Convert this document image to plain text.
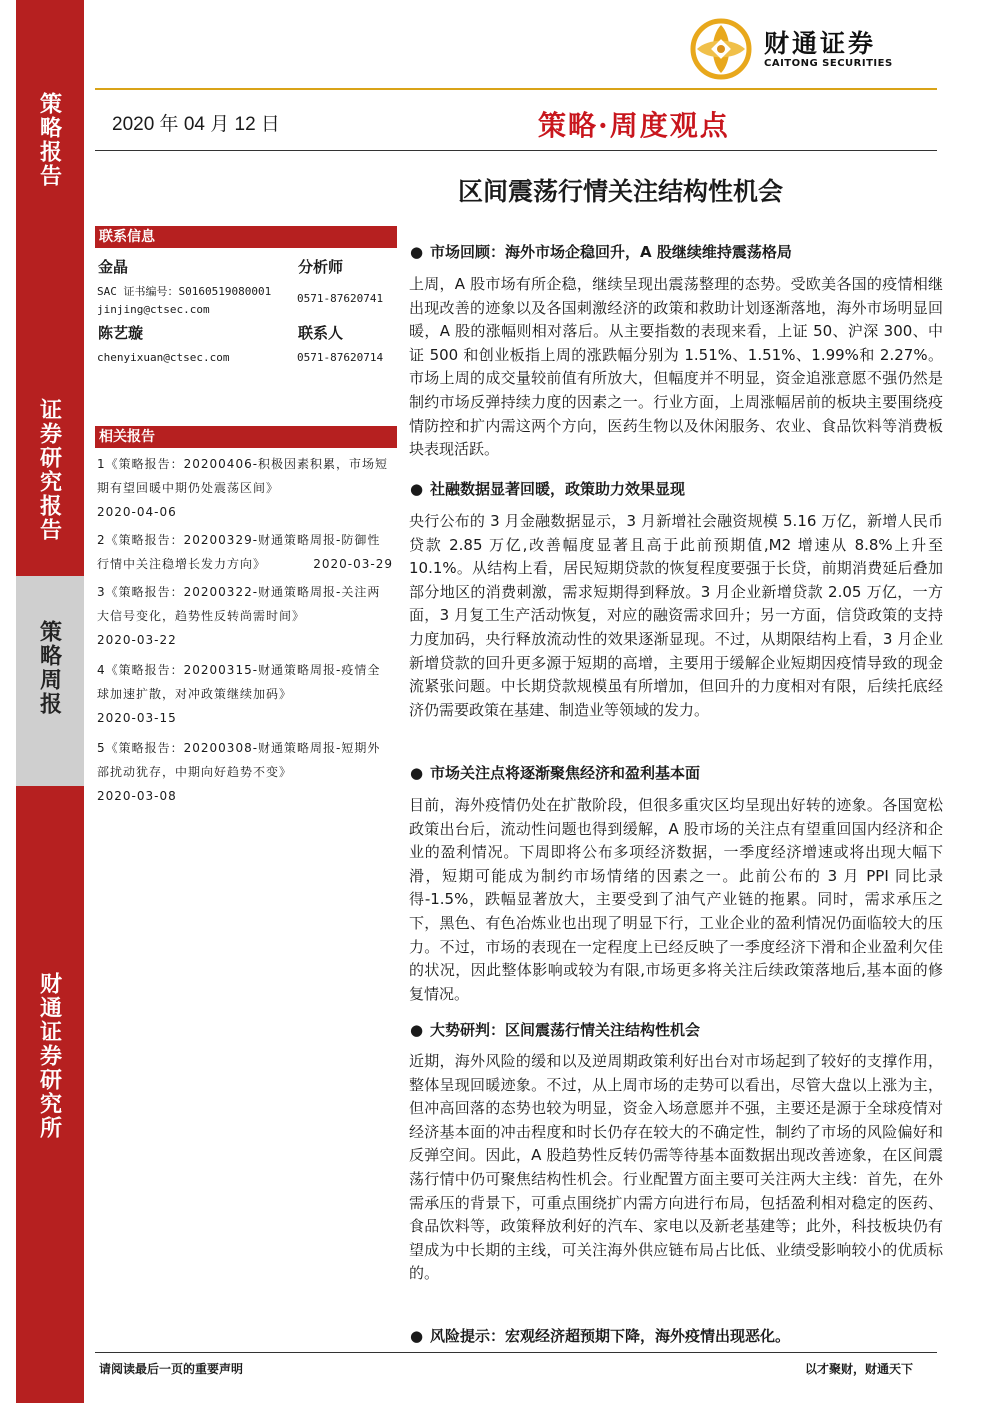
策略报告
证券研究报告
策略周报
财通证券研究所
财通证券
CAITONG SECURITIES
2020 年 04 月 12 日	策略·周度观点
区间震荡行情关注结构性机会
联系信息
金晶	分析师
SAC 证书编号：S0160519080001
0571-87620741
jinjing@ctsec.com
陈艺璇	联系人
chenyixuan@ctsec.com	0571-87620714
相关报告
1《策略报告：20200406-积极因素积累，市场短期有望回暖中期仍处震荡区间》
2020-04-06
2《策略报告：20200329-财通策略周报-防御性行情中关注稳增长发力方向》	2020-03-29
3《策略报告：20200322-财通策略周报-关注两大信号变化，趋势性反转尚需时间》
2020-03-22
4《策略报告：20200315-财通策略周报-疫情全球加速扩散，对冲政策继续加码》
2020-03-15
5《策略报告：20200308-财通策略周报-短期外部扰动犹存，中期向好趋势不变》
2020-03-08
● 市场回顾：海外市场企稳回升，A 股继续维持震荡格局

上周，A 股市场有所企稳，继续呈现出震荡整理的态势。受欧美各国的疫情相继出现改善的迹象以及各国刺激经济的政策和救助计划逐渐落地，海外市场明显回暖，A 股的涨幅则相对落后。从主要指数的表现来看，上证 50、沪深 300、中证 500 和创业板指上周的涨跌幅分别为 1.51%、1.51%、1.99%和 2.27%。市场上周的成交量较前值有所放大，但幅度并不明显，资金追涨意愿不强仍然是制约市场反弹持续力度的因素之一。行业方面，上周涨幅居前的板块主要围绕疫情防控和扩内需这两个方向，医药生物以及休闲服务、农业、食品饮料等消费板块表现活跃。

● 社融数据显著回暖，政策助力效果显现

央行公布的 3 月金融数据显示，3 月新增社会融资规模 5.16 万亿，新增人民币贷款 2.85 万亿,改善幅度显著且高于此前预期值,M2 增速从 8.8%上升至 10.1%。从结构上看，居民短期贷款的恢复程度要强于长贷，前期消费延后叠加部分地区的消费刺激，需求短期得到释放。3 月企业新增贷款 2.05 万亿，一方面，3 月复工生产活动恢复，对应的融资需求回升；另一方面，信贷政策的支持力度加码，央行释放流动性的效果逐渐显现。不过，从期限结构上看，3 月企业新增贷款的回升更多源于短期的高增，主要用于缓解企业短期因疫情导致的现金流紧张问题。中长期贷款规模虽有所增加，但回升的力度相对有限，后续托底经济仍需要政策在基建、制造业等领域的发力。

● 市场关注点将逐渐聚焦经济和盈利基本面

目前，海外疫情仍处在扩散阶段，但很多重灾区均呈现出好转的迹象。各国宽松政策出台后，流动性问题也得到缓解，A 股市场的关注点有望重回国内经济和企业的盈利情况。下周即将公布多项经济数据，一季度经济增速或将出现大幅下滑，短期可能成为制约市场情绪的因素之一。此前公布的 3 月 PPI 同比录得-1.5%，跌幅显著放大，主要受到了油气产业链的拖累。同时，需求承压之下，黑色、有色冶炼业也出现了明显下行，工业企业的盈利情况仍面临较大的压力。不过，市场的表现在一定程度上已经反映了一季度经济下滑和企业盈利欠佳的状况，因此整体影响或较为有限,市场更多将关注后续政策落地后,基本面的修复情况。

● 大势研判：区间震荡行情关注结构性机会

近期，海外风险的缓和以及逆周期政策利好出台对市场起到了较好的支撑作用，整体呈现回暖迹象。不过，从上周市场的走势可以看出，尽管大盘以上涨为主，但冲高回落的态势也较为明显，资金入场意愿并不强，主要还是源于全球疫情对经济基本面的冲击程度和时长仍存在较大的不确定性，制约了市场的风险偏好和反弹空间。因此，A 股趋势性反转仍需等待基本面数据出现改善迹象，在区间震荡行情中仍可聚焦结构性机会。行业配置方面主要可关注两大主线：首先，在外需承压的背景下，可重点围绕扩内需方向进行布局，包括盈利相对稳定的医药、食品饮料等，政策释放利好的汽车、家电以及新老基建等；此外，科技板块仍有望成为中长期的主线，可关注海外供应链布局占比低、业绩受影响较小的优质标的。

● 风险提示：宏观经济超预期下降，海外疫情出现恶化。
请阅读最后一页的重要声明	以才聚财，财通天下
